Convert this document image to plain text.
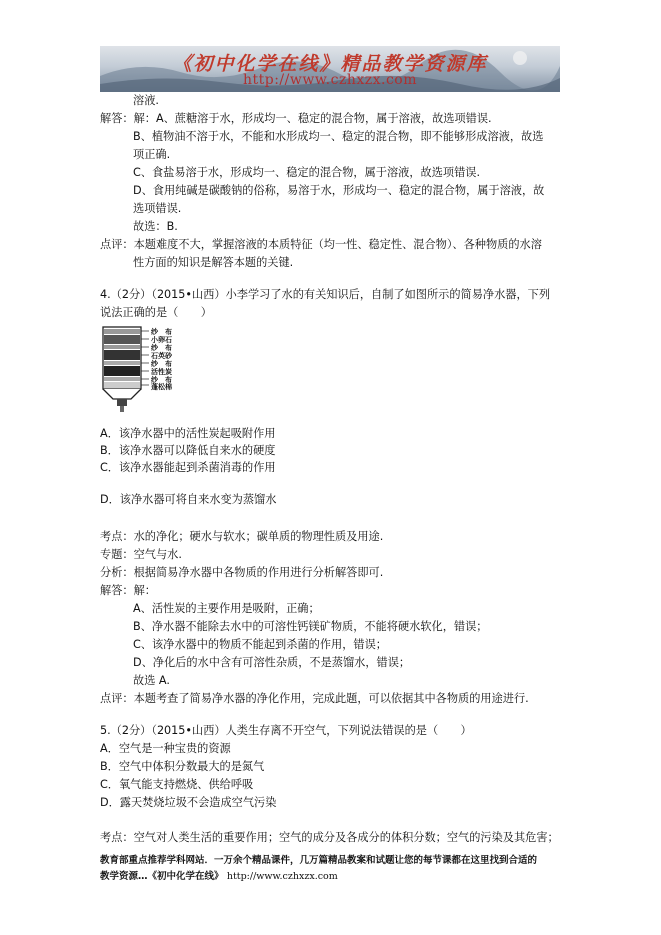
《初中化学在线》精品教学资源库
http://www.czhxzx.com
溶液.
解答：解：A、蔗糖溶于水，形成均一、稳定的混合物，属于溶液，故选项错误.
B、植物油不溶于水，不能和水形成均一、稳定的混合物，即不能够形成溶液，故选
项正确.
C、食盐易溶于水，形成均一、稳定的混合物，属于溶液，故选项错误.
D、食用纯碱是碳酸钠的俗称，易溶于水，形成均一、稳定的混合物，属于溶液，故
选项错误.
故选：B.
点评：本题难度不大，掌握溶液的本质特征（均一性、稳定性、混合物）、各种物质的水溶
性方面的知识是解答本题的关键.
4.（2分）（2015•山西）小李学习了水的有关知识后，自制了如图所示的简易净水器，下列
说法正确的是（　　）
纱　布
小卵石
纱　布
石英砂
纱　布
活性炭
纱　布
蓬松棉
A．该净水器中的活性炭起吸附作用
B．该净水器可以降低自来水的硬度
C．该净水器能起到杀菌消毒的作用
D．该净水器可将自来水变为蒸馏水
考点：水的净化；硬水与软水；碳单质的物理性质及用途.
专题：空气与水.
分析：根据简易净水器中各物质的作用进行分析解答即可.
解答：解：
A、活性炭的主要作用是吸附，正确；
B、净水器不能除去水中的可溶性钙镁矿物质，不能将硬水软化，错误；
C、该净水器中的物质不能起到杀菌的作用，错误；
D、净化后的水中含有可溶性杂质，不是蒸馏水，错误；
故选 A.
点评：本题考查了简易净水器的净化作用，完成此题，可以依据其中各物质的用途进行.
5.（2分）（2015•山西）人类生存离不开空气，下列说法错误的是（　　）
A．空气是一种宝贵的资源
B．空气中体积分数最大的是氮气
C．氧气能支持燃烧、供给呼吸
D．露天焚烧垃圾不会造成空气污染
考点：空气对人类生活的重要作用；空气的成分及各成分的体积分数；空气的污染及其危害；
教育部重点推荐学科网站．一万余个精品课件，几万篇精品教案和试题让您的每节课都在这里找到合适的
教学资源…《初中化学在线》 http://www.czhxzx.com
